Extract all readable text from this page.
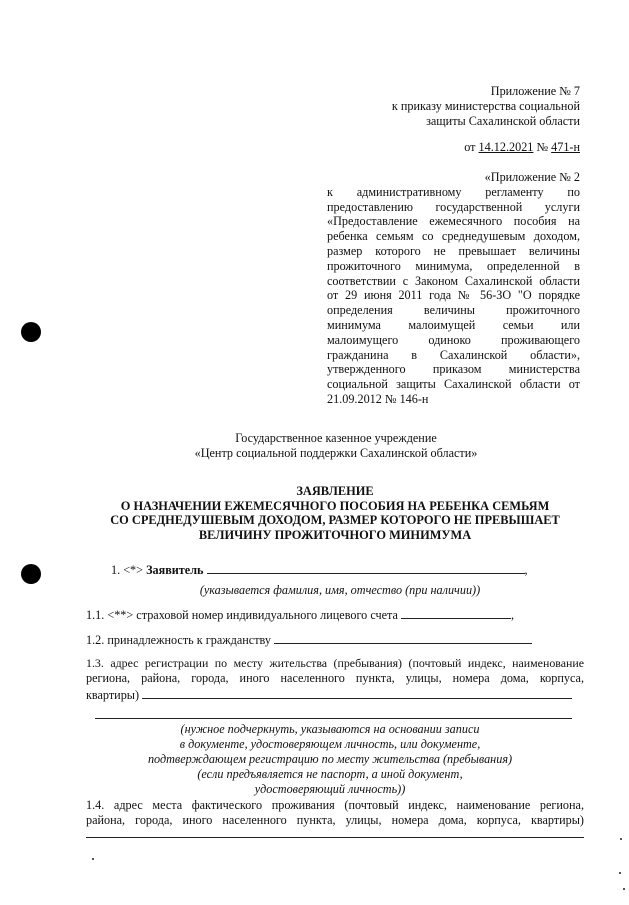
Приложение № 7
к приказу министерства социальной
защиты Сахалинской области
от 14.12.2021 № 471-н
«Приложение № 2
к административному регламенту по
предоставлению государственной услуги
«Предоставление ежемесячного пособия на
ребенка семьям со среднедушевым доходом,
размер которого не превышает величины
прожиточного минимума, определенной в
соответствии с Законом Сахалинской области
от 29 июня 2011 года № 56-ЗО "О порядке
определения величины прожиточного
минимума малоимущей семьи или
малоимущего одиноко проживающего
гражданина в Сахалинской области»,
утвержденного приказом министерства
социальной защиты Сахалинской области от
21.09.2012 № 146-н
Государственное казенное учреждение
«Центр социальной поддержки Сахалинской области»
ЗАЯВЛЕНИЕ
О НАЗНАЧЕНИИ ЕЖЕМЕСЯЧНОГО ПОСОБИЯ НА РЕБЕНКА СЕМЬЯМ
СО СРЕДНЕДУШЕВЫМ ДОХОДОМ, РАЗМЕР КОТОРОГО НЕ ПРЕВЫШАЕТ
ВЕЛИЧИНУ ПРОЖИТОЧНОГО МИНИМУМА
1. <*> Заявитель	,
(указывается фамилия, имя, отчество (при наличии))
1.1. <**> страховой номер индивидуального лицевого счета	,
1.2. принадлежность к гражданству
1.3. адрес регистрации по месту жительства (пребывания) (почтовый индекс, наименование
региона, района, города, иного населенного пункта, улицы, номера дома, корпуса,
квартиры)
(нужное подчеркнуть, указываются на основании записи
в документе, удостоверяющем личность, или документе,
подтверждающем регистрацию по месту жительства (пребывания)
(если предъявляется не паспорт, а иной документ,
удостоверяющий личность))
1.4. адрес места фактического проживания (почтовый индекс, наименование региона,
района, города, иного населенного пункта, улицы, номера дома, корпуса, квартиры)
